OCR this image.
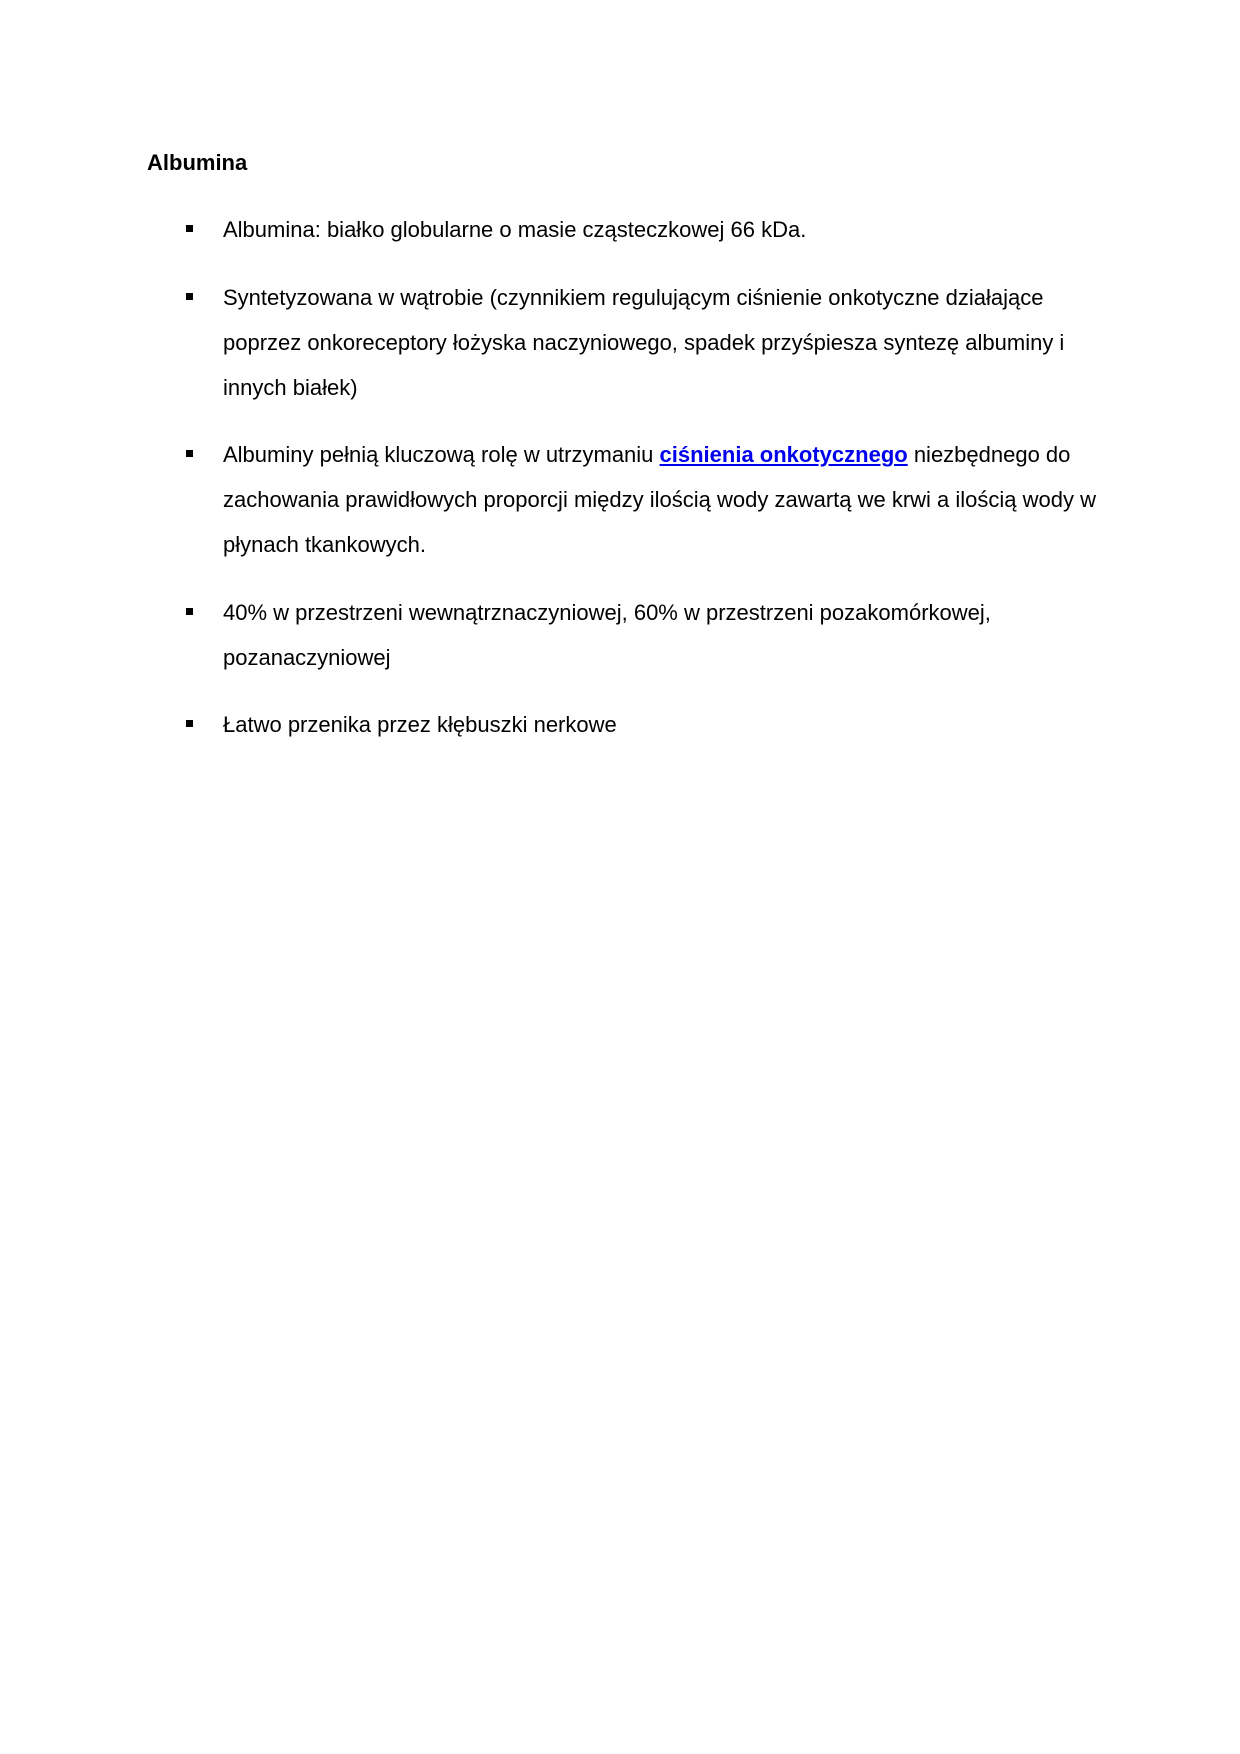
Albumina

Albumina: białko globularne o masie cząsteczkowej 66 kDa.

Syntetyzowana w wątrobie (czynnikiem regulującym ciśnienie onkotyczne działające poprzez onkoreceptory łożyska naczyniowego, spadek przyśpiesza syntezę albuminy i innych białek)

Albuminy pełnią kluczową rolę w utrzymaniu ciśnienia onkotycznego niezbędnego do zachowania prawidłowych proporcji między ilością wody zawartą we krwi a ilością wody w płynach tkankowych.

40% w przestrzeni wewnątrznaczyniowej, 60% w przestrzeni pozakomórkowej, pozanaczyniowej

Łatwo przenika przez kłębuszki nerkowe
